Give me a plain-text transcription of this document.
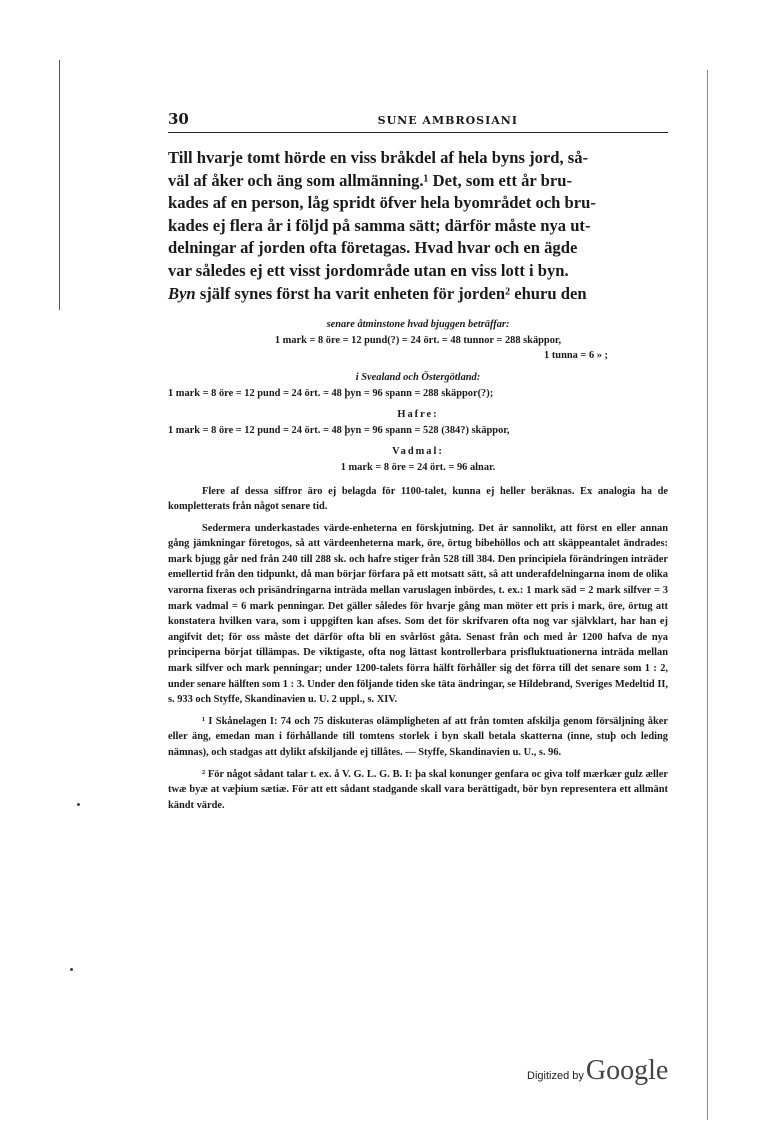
30	SUNE AMBROSIANI

Till hvarje tomt hörde en viss bråkdel af hela byns jord, så-

väl af åker och äng som allmänning.¹ Det, som ett år bru-

kades af en person, låg spridt öfver hela byområdet och bru-

kades ej flera år i följd på samma sätt; därför måste nya ut-

delningar af jorden ofta företagas. Hvad hvar och en ägde

var således ej ett visst jordområde utan en viss lott i byn.

Byn själf synes först ha varit enheten för jorden² ehuru den

senare åtminstone hvad bjuggen beträffar:

1 mark = 8 öre = 12 pund(?) = 24 ört. = 48 tunnor = 288 skäppor,

1 tunna = 6 » ;

i Svealand och Östergötland:

1 mark = 8 öre = 12 pund = 24 ört. = 48 þyn = 96 spann = 288 skäppor(?);

Hafre:

1 mark = 8 öre = 12 pund = 24 ört. = 48 þyn = 96 spann = 528 (384?) skäppor,

Vadmal:

1 mark = 8 öre = 24 ört. = 96 alnar.

Flere af dessa siffror äro ej belagda för 1100-talet, kunna ej heller beräknas. Ex analogia ha de kompletterats från något senare tid.

Sedermera underkastades värde-enheterna en förskjutning. Det är sannolikt, att först en eller annan gång jämkningar företogos, så att värdeenheterna mark, öre, örtug bibehöllos och att skäppeantalet ändrades: mark bjugg går ned från 240 till 288 sk. och hafre stiger från 528 till 384. Den principiela förändringen inträder emellertid från den tidpunkt, då man börjar förfara på ett motsatt sätt, så att underafdelningarna inom de olika varorna fixeras och prisändringarna inträda mellan varuslagen inbördes, t. ex.: 1 mark säd = 2 mark silfver = 3 mark vadmal = 6 mark penningar. Det gäller således för hvarje gång man möter ett pris i mark, öre, örtug att konstatera hvilken vara, som i uppgiften kan afses. Som det för skrifvaren ofta nog var självklart, har han ej angifvit det; för oss måste det därför ofta bli en svårlöst gåta. Senast från och med år 1200 hafva de nya principerna börjat tillämpas. De viktigaste, ofta nog lättast kontrollerbara prisfluktuationerna inträda mellan mark silfver och mark penningar; under 1200-talets förra hälft förhåller sig det förra till det senare som 1 : 2, under senare hälften som 1 : 3. Under den följande tiden ske täta ändringar, se Hildebrand, Sveriges Medeltid II, s. 933 och Styffe, Skandinavien u. U. 2 uppl., s. XIV.

¹ I Skånelagen I: 74 och 75 diskuteras olämpligheten af att från tomten afskilja genom försäljning åker eller äng, emedan man i förhållande till tomtens storlek i byn skall betala skatterna (inne, stuþ och leding nämnas), och stadgas att dylikt afskiljande ej tillåtes. — Styffe, Skandinavien u. U., s. 96.

² För något sådant talar t. ex. å V. G. L. G. B. I: þa skal konunger genfara oc giva tolf mærkær gulz æller twæ byæ at væþium sætiæ. För att ett sådant stadgande skall vara berättigadt, bör byn representera ett allmänt kändt värde.

Digitized by Google
